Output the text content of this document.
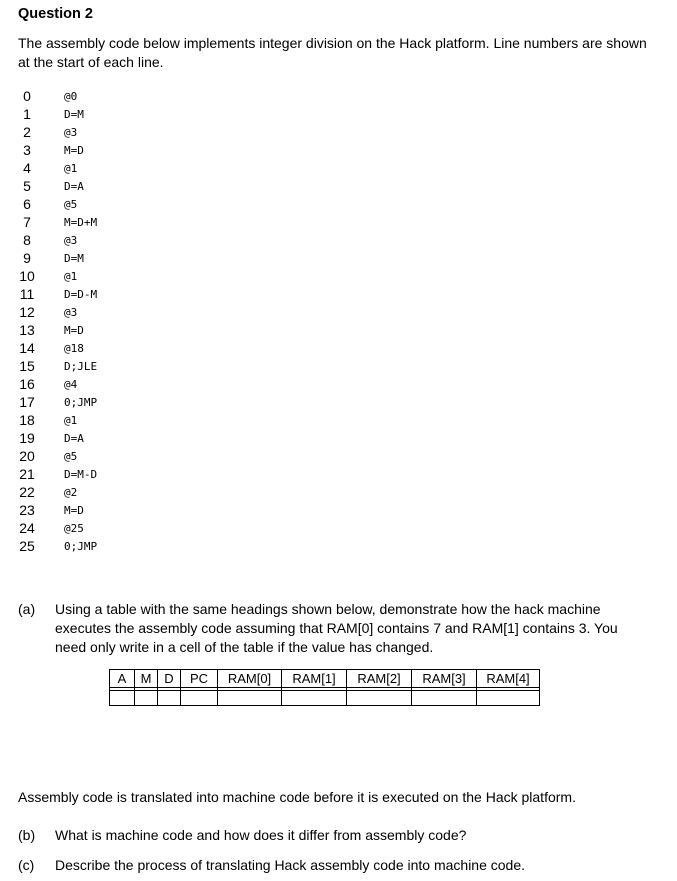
Question 2
The assembly code below implements integer division on the Hack platform. Line numbers are shown at the start of each line.
0	@0
1	D=M
2	@3
3	M=D
4	@1
5	D=A
6	@5
7	M=D+M
8	@3
9	D=M
10	@1
11	D=D-M
12	@3
13	M=D
14	@18
15	D;JLE
16	@4
17	0;JMP
18	@1
19	D=A
20	@5
21	D=M-D
22	@2
23	M=D
24	@25
25	0;JMP
(a) Using a table with the same headings shown below, demonstrate how the hack machine executes the assembly code assuming that RAM[0] contains 7 and RAM[1] contains 3. You need only write in a cell of the table if the value has changed.
A	M	D	PC	RAM[0]	RAM[1]	RAM[2]	RAM[3]	RAM[4]

Assembly code is translated into machine code before it is executed on the Hack platform.
(b) What is machine code and how does it differ from assembly code?
(c) Describe the process of translating Hack assembly code into machine code.
